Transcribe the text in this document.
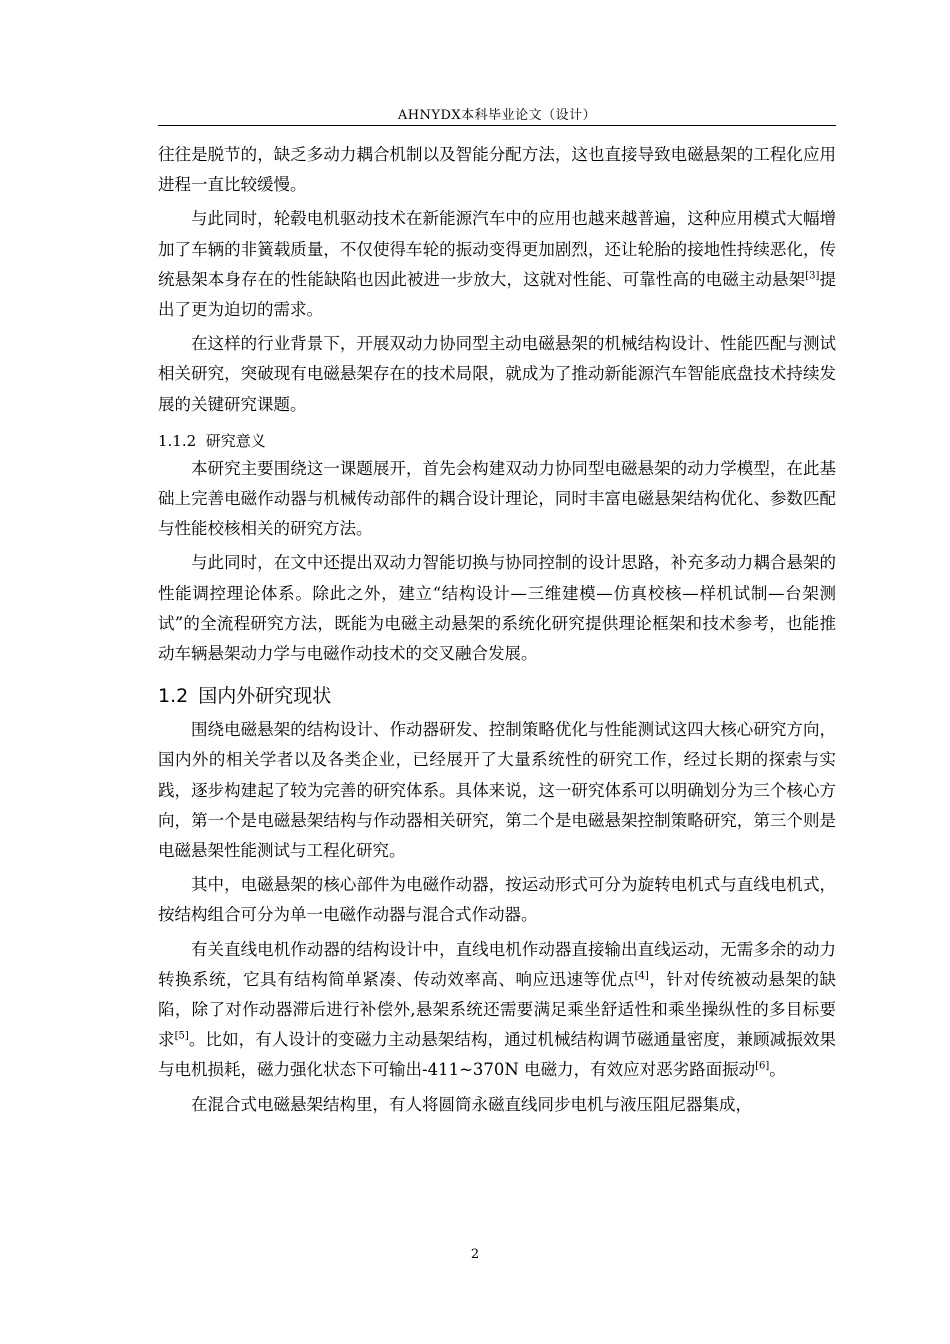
AHNYDX本科毕业论文（设计）

往往是脱节的，缺乏多动力耦合机制以及智能分配方法，这也直接导致电磁悬架的工程化应用进程一直比较缓慢。

与此同时，轮毂电机驱动技术在新能源汽车中的应用也越来越普遍，这种应用模式大幅增加了车辆的非簧载质量，不仅使得车轮的振动变得更加剧烈，还让轮胎的接地性持续恶化，传统悬架本身存在的性能缺陷也因此被进一步放大，这就对性能、可靠性高的电磁主动悬架[3]提出了更为迫切的需求。

在这样的行业背景下，开展双动力协同型主动电磁悬架的机械结构设计、性能匹配与测试相关研究，突破现有电磁悬架存在的技术局限，就成为了推动新能源汽车智能底盘技术持续发展的关键研究课题。

1.1.2 研究意义

本研究主要围绕这一课题展开，首先会构建双动力协同型电磁悬架的动力学模型，在此基础上完善电磁作动器与机械传动部件的耦合设计理论，同时丰富电磁悬架结构优化、参数匹配与性能校核相关的研究方法。

与此同时，在文中还提出双动力智能切换与协同控制的设计思路，补充多动力耦合悬架的性能调控理论体系。除此之外，建立“结构设计—三维建模—仿真校核—样机试制—台架测试”的全流程研究方法，既能为电磁主动悬架的系统化研究提供理论框架和技术参考，也能推动车辆悬架动力学与电磁作动技术的交叉融合发展。

1.2 国内外研究现状

围绕电磁悬架的结构设计、作动器研发、控制策略优化与性能测试这四大核心研究方向，国内外的相关学者以及各类企业，已经展开了大量系统性的研究工作，经过长期的探索与实践，逐步构建起了较为完善的研究体系。具体来说，这一研究体系可以明确划分为三个核心方向，第一个是电磁悬架结构与作动器相关研究，第二个是电磁悬架控制策略研究，第三个则是电磁悬架性能测试与工程化研究。

其中，电磁悬架的核心部件为电磁作动器，按运动形式可分为旋转电机式与直线电机式，按结构组合可分为单一电磁作动器与混合式作动器。

有关直线电机作动器的结构设计中，直线电机作动器直接输出直线运动，无需多余的动力转换系统，它具有结构简单紧凑、传动效率高、响应迅速等优点[4]，针对传统被动悬架的缺陷，除了对作动器滞后进行补偿外,悬架系统还需要满足乘坐舒适性和乘坐操纵性的多目标要求[5]。比如，有人设计的变磁力主动悬架结构，通过机械结构调节磁通量密度，兼顾减振效果与电机损耗，磁力强化状态下可输出-411~370N 电磁力，有效应对恶劣路面振动[6]。

在混合式电磁悬架结构里，有人将圆筒永磁直线同步电机与液压阻尼器集成，

2
